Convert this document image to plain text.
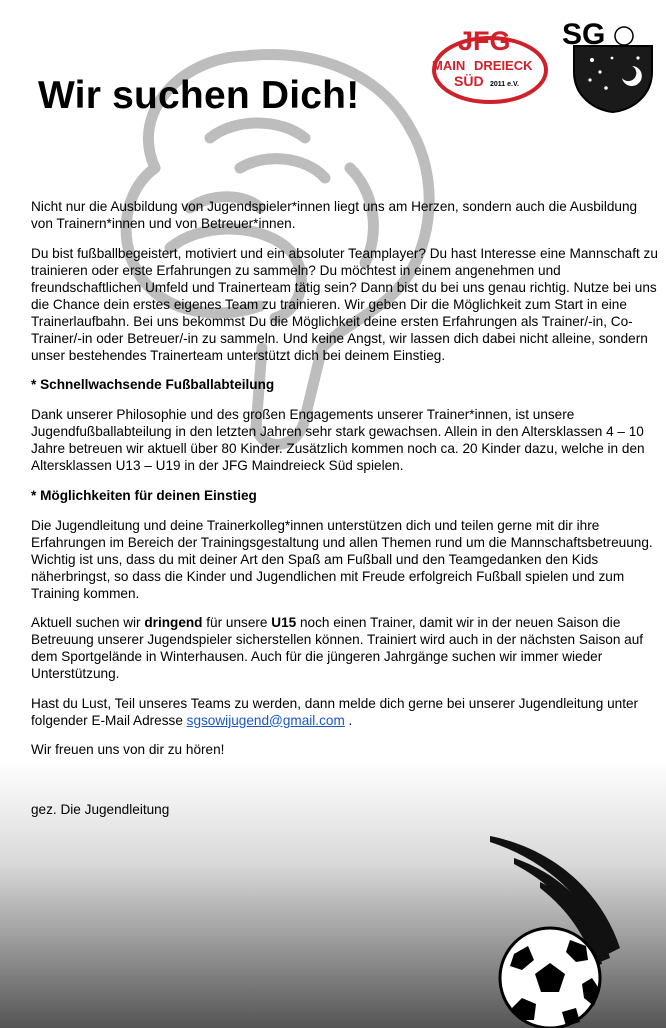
JFG
MAIN DREIECK
SÜD 2011 e.V.
SG
Wir suchen Dich!

Nicht nur die Ausbildung von Jugendspieler*innen liegt uns am Herzen, sondern auch die Ausbildung von Trainern*innen und von Betreuer*innen.

Du bist fußballbegeistert, motiviert und ein absoluter Teamplayer? Du hast Interesse eine Mannschaft zu trainieren oder erste Erfahrungen zu sammeln? Du möchtest in einem angenehmen und freundschaftlichen Umfeld und Trainerteam tätig sein? Dann bist du bei uns genau richtig. Nutze bei uns die Chance dein erstes eigenes Team zu trainieren. Wir geben Dir die Möglichkeit zum Start in eine Trainerlaufbahn. Bei uns bekommst Du die Möglichkeit deine ersten Erfahrungen als Trainer/-in, Co-Trainer/-in oder Betreuer/-in zu sammeln. Und keine Angst, wir lassen dich dabei nicht alleine, sondern unser bestehendes Trainerteam unterstützt dich bei deinem Einstieg.

* Schnellwachsende Fußballabteilung

Dank unserer Philosophie und des großen Engagements unserer Trainer*innen, ist unsere Jugendfußballabteilung in den letzten Jahren sehr stark gewachsen. Allein in den Altersklassen 4 – 10 Jahre betreuen wir aktuell über 80 Kinder. Zusätzlich kommen noch ca. 20 Kinder dazu, welche in den Altersklassen U13 – U19 in der JFG Maindreieck Süd spielen.

* Möglichkeiten für deinen Einstieg

Die Jugendleitung und deine Trainerkolleg*innen unterstützen dich und teilen gerne mit dir ihre Erfahrungen im Bereich der Trainingsgestaltung und allen Themen rund um die Mannschaftsbetreuung. Wichtig ist uns, dass du mit deiner Art den Spaß am Fußball und den Teamgedanken den Kids näherbringst, so dass die Kinder und Jugendlichen mit Freude erfolgreich Fußball spielen und zum Training kommen.

Aktuell suchen wir dringend für unsere U15 noch einen Trainer, damit wir in der neuen Saison die Betreuung unserer Jugendspieler sicherstellen können. Trainiert wird auch in der nächsten Saison auf dem Sportgelände in Winterhausen. Auch für die jüngeren Jahrgänge suchen wir immer wieder Unterstützung.

Hast du Lust, Teil unseres Teams zu werden, dann melde dich gerne bei unserer Jugendleitung unter folgender E-Mail Adresse sgsowijugend@gmail.com .

Wir freuen uns von dir zu hören!

gez. Die Jugendleitung
